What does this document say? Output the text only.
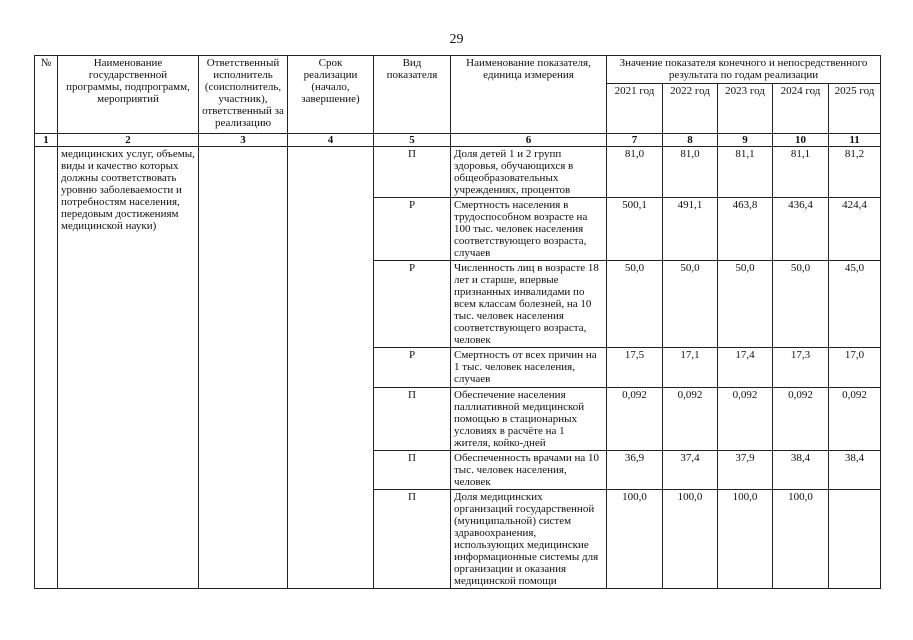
29
№	Наименование государственной программы, подпрограмм, мероприятий	Ответственный исполнитель (соисполнитель, участник), ответственный за реализацию	Срок реализации (начало, завершение)	Вид показателя	Наименование показателя, единица измерения	Значение показателя конечного и непосредственного результата по годам реализации				
						2021 год	2022 год	2023 год	2024 год	2025 год
1	2	3	4	5	6	7	8	9	10	11
	медицинских услуг, объемы, виды и качество которых должны соответствовать уровню заболеваемости и потребностям населения, передовым достижениям медицинской науки)			П	Доля детей 1 и 2 групп здоровья, обучающихся в общеобразовательных учреждениях, процентов	81,0	81,0	81,1	81,1	81,2
				Р	Смертность населения в трудоспособном возрасте на 100 тыс. человек населения соответствующего возраста, случаев	500,1	491,1	463,8	436,4	424,4
				Р	Численность лиц в возрасте 18 лет и старше, впервые признанных инвалидами по всем классам болезней, на 10 тыс. человек населения соответствующего возраста, человек	50,0	50,0	50,0	50,0	45,0
				Р	Смертность от всех причин на 1 тыс. человек населения, случаев	17,5	17,1	17,4	17,3	17,0
				П	Обеспечение населения паллиативной медицинской помощью в стационарных условиях в расчёте на 1 жителя, койко-дней	0,092	0,092	0,092	0,092	0,092
				П	Обеспеченность врачами на 10 тыс. человек населения, человек	36,9	37,4	37,9	38,4	38,4
				П	Доля медицинских организаций государственной (муниципальной) систем здравоохранения, использующих медицинские информационные системы для организации и оказания медицинской помощи	100,0	100,0	100,0	100,0	
